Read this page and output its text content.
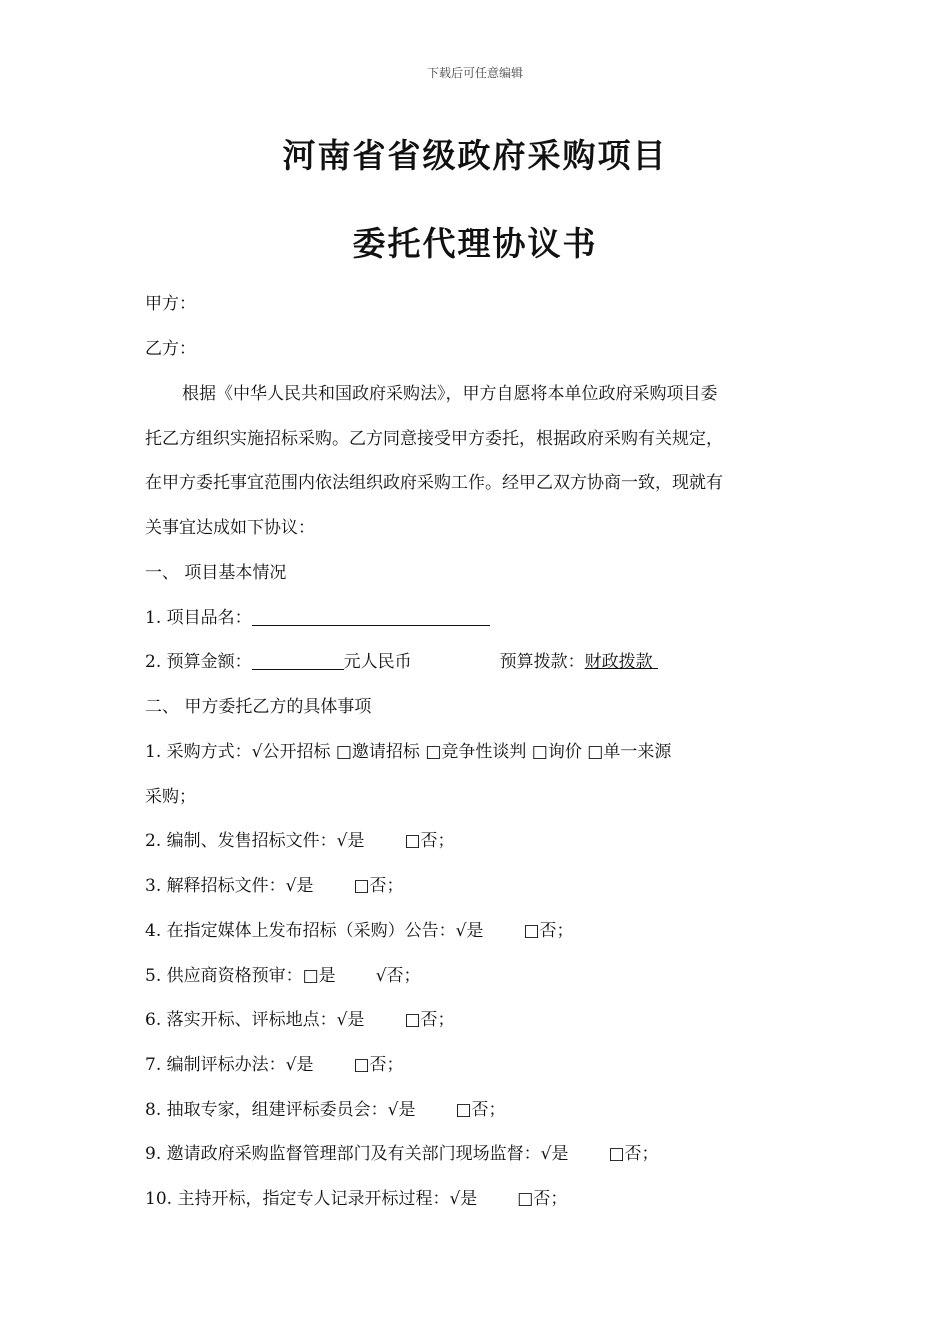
下载后可任意编辑
河南省省级政府采购项目
委托代理协议书
甲方：
乙方：
根据《中华人民共和国政府采购法》，甲方自愿将本单位政府采购项目委
托乙方组织实施招标采购。乙方同意接受甲方委托，根据政府采购有关规定，
在甲方委托事宜范围内依法组织政府采购工作。经甲乙双方协商一致，现就有
关事宜达成如下协议：
一、 项目基本情况
1. 项目品名：
2. 预算金额：	元人民币	预算拨款：财政拨款
二、 甲方委托乙方的具体事项
1. 采购方式：√公开招标 □邀请招标 □竞争性谈判 □询价 □单一来源
采购；
2. 编制、发售招标文件：√是 □否；
3. 解释招标文件：√是 □否；
4. 在指定媒体上发布招标（采购）公告：√是 □否；
5. 供应商资格预审：□是 √否；
6. 落实开标、评标地点：√是 □否；
7. 编制评标办法：√是 □否；
8. 抽取专家，组建评标委员会：√是 □否；
9. 邀请政府采购监督管理部门及有关部门现场监督：√是 □否；
10. 主持开标，指定专人记录开标过程：√是 □否；
